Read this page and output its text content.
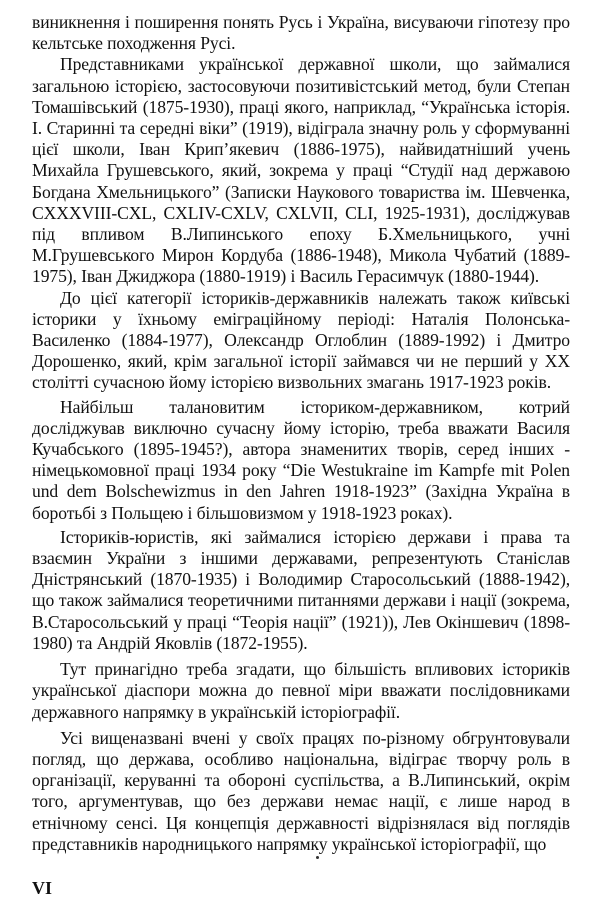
виникнення і поширення понять Русь і Україна, висуваючи гіпотезу про кельтське походження Русі.

Представниками української державної школи, що займалися загальною історією, застосовуючи позитивістський метод, були Степан Томашівський (1875-1930), праці якого, наприклад, “Українська історія. І. Старинні та середні віки” (1919), відіграла значну роль у сформуванні цієї школи, Іван Крип’якевич (1886-1975), найвидатніший учень Михайла Грушевського, який, зокрема у праці “Студії над державою Богдана Хмельницького” (Записки Наукового товариства ім. Шевченка, CXXXVIII-CXL, CXLIV-CXLV, CXLVII, CLI, 1925-1931), досліджував під впливом В.Липинського епоху Б.Хмельницького, учні М.Грушевського Мирон Кордуба (1886-1948), Микола Чубатий (1889-1975), Іван Джиджора (1880-1919) і Василь Герасимчук (1880-1944).

До цієї категорії істориків-державників належать також київські історики у їхньому еміграційному періоді: Наталія Полонська-Василенко (1884-1977), Олександр Оглоблин (1889-1992) і Дмитро Дорошенко, який, крім загальної історії займався чи не перший у XX столітті сучасною йому історією визвольних змагань 1917-1923 років.

Найбільш талановитим істориком-державником, котрий досліджував виключно сучасну йому історію, треба вважати Василя Кучабського (1895-1945?), автора знаменитих творів, серед інших - німецькомовної праці 1934 року “Die Westukraine im Kampfe mit Polen und dem Bolschewizmus in den Jahren 1918-1923” (Західна Україна в боротьбі з Польщею і більшовизмом у 1918-1923 роках).

Істориків-юристів, які займалися історією держави і права та взаємин України з іншими державами, репрезентують Станіслав Дністрянський (1870-1935) і Володимир Старосольський (1888-1942), що також займалися теоретичними питаннями держави і нації (зокрема, В.Старосольський у праці “Теорія нації” (1921)), Лев Окіншевич (1898-1980) та Андрій Яковлів (1872-1955).

Тут принагідно треба згадати, що більшість впливових істориків української діаспори можна до певної міри вважати послідовниками державного напрямку в українській історіографії.

Усі вищеназвані вчені у своїх працях по-різному обгрунтовували погляд, що держава, особливо національна, відіграє творчу роль в організації, керуванні та обороні суспільства, а В.Липинський, окрім того, аргументував, що без держави немає нації, є лише народ в етнічному сенсі. Ця концепція державності відрізнялася від поглядів представників народницького напрямку української історіографії, що

VI
